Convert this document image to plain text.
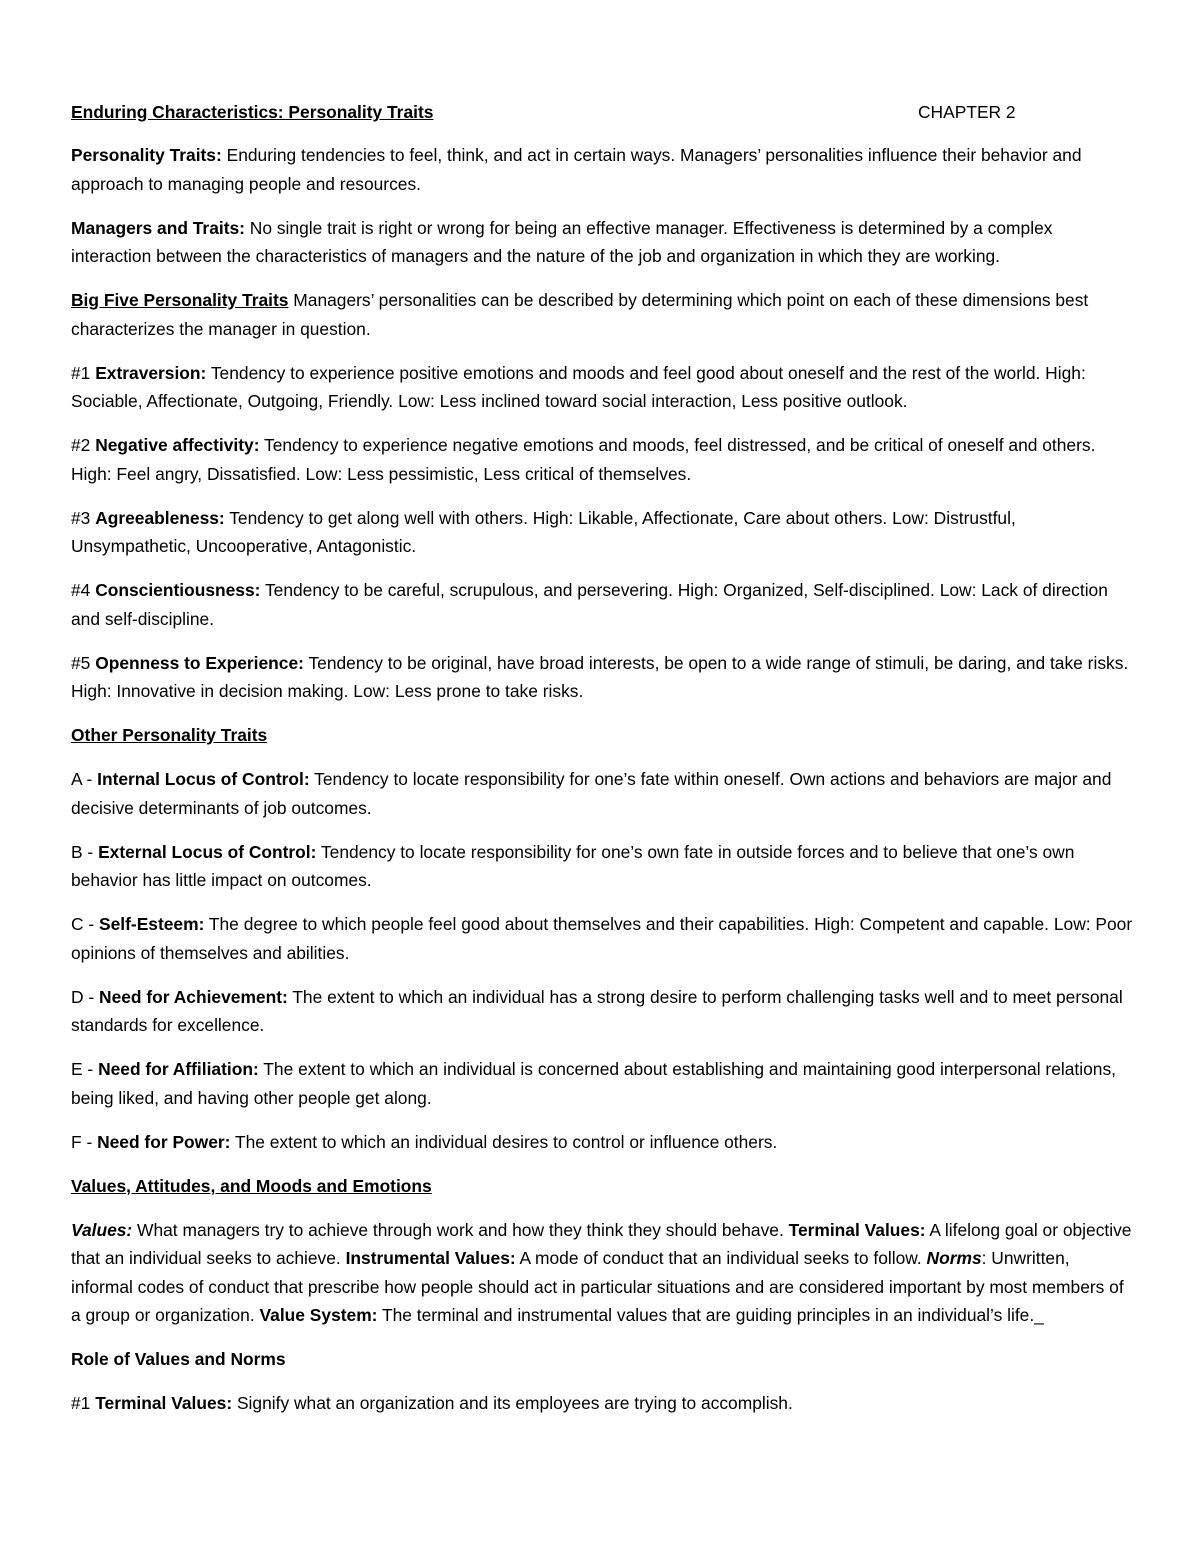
Enduring Characteristics: Personality Traits	CHAPTER 2

Personality Traits: Enduring tendencies to feel, think, and act in certain ways. Managers’ personalities influence their behavior and approach to managing people and resources.

Managers and Traits: No single trait is right or wrong for being an effective manager. Effectiveness is determined by a complex interaction between the characteristics of managers and the nature of the job and organization in which they are working.

Big Five Personality Traits Managers’ personalities can be described by determining which point on each of these dimensions best characterizes the manager in question.

#1 Extraversion: Tendency to experience positive emotions and moods and feel good about oneself and the rest of the world. High: Sociable, Affectionate, Outgoing, Friendly. Low: Less inclined toward social interaction, Less positive outlook.

#2 Negative affectivity: Tendency to experience negative emotions and moods, feel distressed, and be critical of oneself and others. High: Feel angry, Dissatisfied. Low: Less pessimistic, Less critical of themselves.

#3 Agreeableness: Tendency to get along well with others. High: Likable, Affectionate, Care about others. Low: Distrustful, Unsympathetic, Uncooperative, Antagonistic.

#4 Conscientiousness: Tendency to be careful, scrupulous, and persevering. High: Organized, Self-disciplined. Low: Lack of direction and self-discipline.

#5 Openness to Experience: Tendency to be original, have broad interests, be open to a wide range of stimuli, be daring, and take risks. High: Innovative in decision making. Low: Less prone to take risks.

Other Personality Traits

A - Internal Locus of Control: Tendency to locate responsibility for one’s fate within oneself. Own actions and behaviors are major and decisive determinants of job outcomes.

B - External Locus of Control: Tendency to locate responsibility for one’s own fate in outside forces and to believe that one’s own behavior has little impact on outcomes.

C - Self-Esteem: The degree to which people feel good about themselves and their capabilities. High: Competent and capable. Low: Poor opinions of themselves and abilities.

D - Need for Achievement: The extent to which an individual has a strong desire to perform challenging tasks well and to meet personal standards for excellence.

E - Need for Affiliation: The extent to which an individual is concerned about establishing and maintaining good interpersonal relations, being liked, and having other people get along.

F - Need for Power: The extent to which an individual desires to control or influence others.

Values, Attitudes, and Moods and Emotions

Values: What managers try to achieve through work and how they think they should behave. Terminal Values: A lifelong goal or objective that an individual seeks to achieve. Instrumental Values: A mode of conduct that an individual seeks to follow. Norms: Unwritten, informal codes of conduct that prescribe how people should act in particular situations and are considered important by most members of a group or organization. Value System: The terminal and instrumental values that are guiding principles in an individual’s life._

Role of Values and Norms

#1 Terminal Values: Signify what an organization and its employees are trying to accomplish.
